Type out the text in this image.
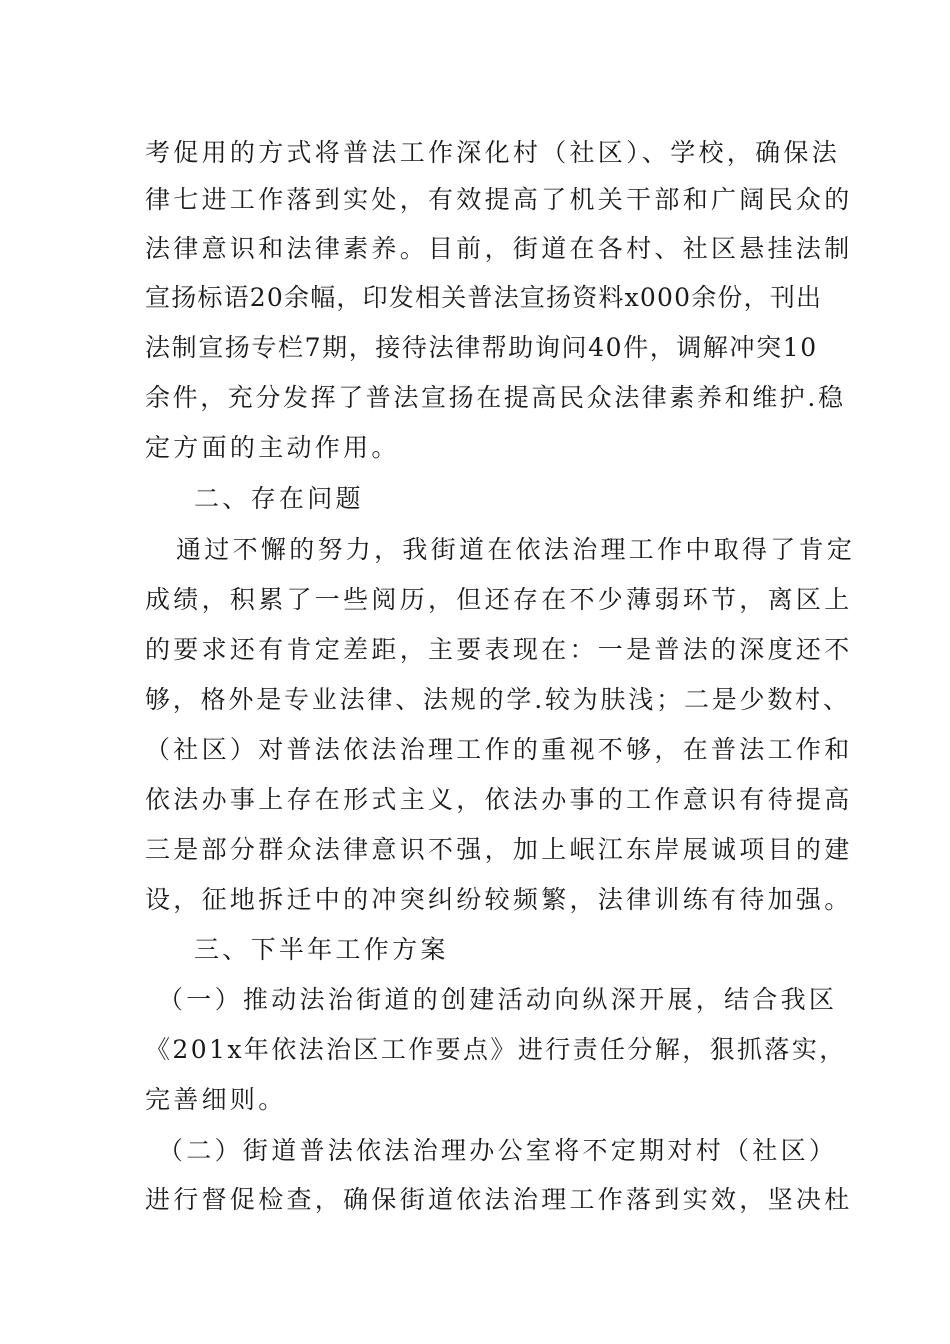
考促用的方式将普法工作深化村（社区）、学校，确保法
律七进工作落到实处，有效提高了机关干部和广阔民众的
法律意识和法律素养。目前，街道在各村、社区悬挂法制
宣扬标语20余幅，印发相关普法宣扬资料x000余份，刊出
法制宣扬专栏7期，接待法律帮助询问40件，调解冲突10
余件，充分发挥了普法宣扬在提高民众法律素养和维护.稳
定方面的主动作用。
二、存在问题
通过不懈的努力，我街道在依法治理工作中取得了肯定
成绩，积累了一些阅历，但还存在不少薄弱环节，离区上
的要求还有肯定差距，主要表现在：一是普法的深度还不
够，格外是专业法律、法规的学.较为肤浅；二是少数村、
（社区）对普法依法治理工作的重视不够，在普法工作和
依法办事上存在形式主义，依法办事的工作意识有待提高
三是部分群众法律意识不强，加上岷江东岸展诚项目的建
设，征地拆迁中的冲突纠纷较频繁，法律训练有待加强。
三、下半年工作方案
（一）推动法治街道的创建活动向纵深开展，结合我区
《201x年依法治区工作要点》进行责任分解，狠抓落实，
完善细则。
（二）街道普法依法治理办公室将不定期对村（社区）
进行督促检查，确保街道依法治理工作落到实效，坚决杜
